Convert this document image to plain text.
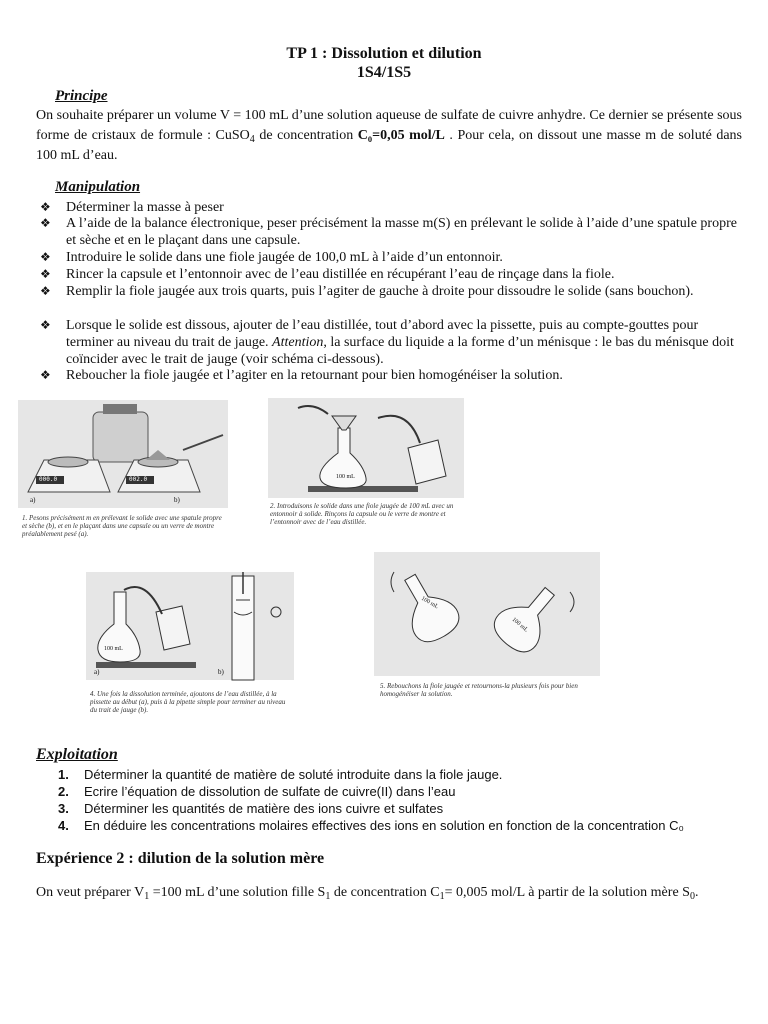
TP 1 : Dissolution et dilution
1S4/1S5
Principe
On souhaite préparer un volume V = 100 mL d’une solution aqueuse de sulfate de cuivre anhydre. Ce dernier se présente sous forme de cristaux de formule : CuSO$_4$ de concentration C₀=0,05 mol/L . Pour cela, on dissout une masse m de soluté dans 100 mL d’eau.
Manipulation
❖ Déterminer la masse à peser
❖ A l’aide de la balance électronique, peser précisément la masse m(S) en prélevant le solide à l’aide d’une spatule propre et sèche et en le plaçant dans une capsule.
❖ Introduire le solide dans une fiole jaugée de 100,0 mL à l’aide d’un entonnoir.
❖ Rincer la capsule et l’entonnoir avec de l’eau distillée en récupérant l’eau de rinçage dans la fiole.
❖ Remplir la fiole jaugée aux trois quarts, puis l’agiter de gauche à droite pour dissoudre le solide (sans bouchon).
❖ Lorsque le solide est dissous, ajouter de l’eau distillée, tout d’abord avec la pissette, puis au compte-gouttes pour terminer au niveau du trait de jauge. Attention, la surface du liquide a la forme d’un ménisque : le bas du ménisque doit coïncider avec le trait de jauge (voir schéma ci-dessous).
❖ Reboucher la fiole jaugée et l’agiter en la retournant pour bien homogénéiser la solution.
000.0	002.0
a)	b)
1. Pesons précisément m en prélevant le solide avec une spatule propre et sèche (b), et en le plaçant dans une capsule ou un verre de montre préalablement pesé (a).
100 mL
2. Introduisons le solide dans une fiole jaugée de 100 mL avec un entonnoir à solide. Rinçons la capsule ou le verre de montre et l’entonnoir avec de l’eau distillée.
100 mL
a)	b)
4. Une fois la dissolution terminée, ajoutons de l’eau distillée, à la pissette au début (a), puis à la pipette simple pour terminer au niveau du trait de jauge (b).
100 mL
100 mL
5. Rebouchons la fiole jaugée et retournons-la plusieurs fois pour bien homogénéiser la solution.
Exploitation
1. Déterminer la quantité de matière de soluté introduite dans la fiole jauge.
2. Ecrire l’équation de dissolution de sulfate de cuivre(II) dans l’eau
3. Déterminer les quantités de matière des ions cuivre et sulfates
4. En déduire les concentrations molaires effectives des ions en solution en fonction de la concentration C₀
Expérience 2 : dilution de la solution mère
On veut préparer $V_1 =100$ mL d’une solution fille $S_1$ de concentration $C_1= 0,005$ mol/L à partir de la solution mère $S_0$.
